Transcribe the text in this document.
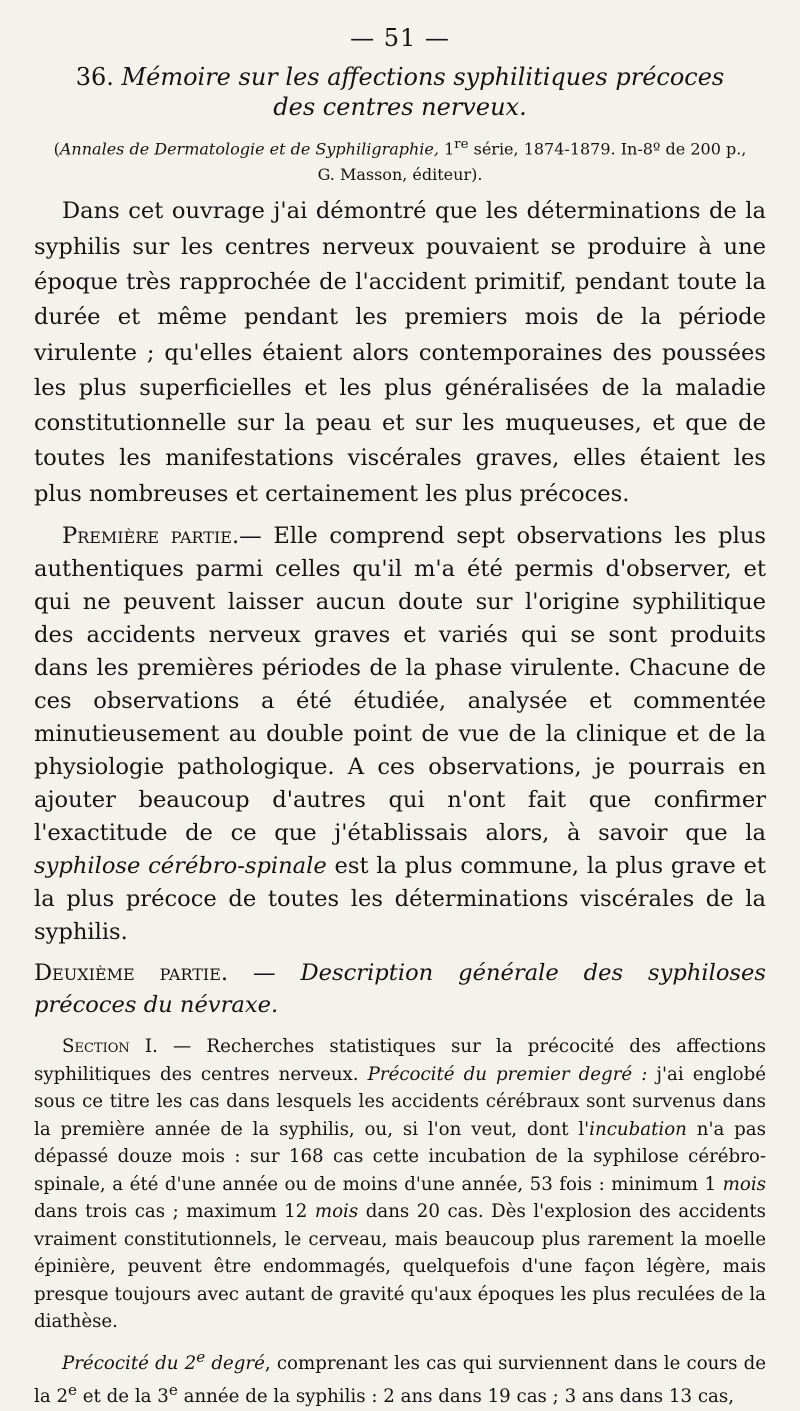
— 51 —
36. Mémoire sur les affections syphilitiques précoces
des centres nerveux.
(Annales de Dermatologie et de Syphiligraphie, 1re série, 1874-1879. In-8º de 200 p.,
G. Masson, éditeur).

Dans cet ouvrage j'ai démontré que les déterminations de la syphilis sur les centres nerveux pouvaient se produire à une époque très rapprochée de l'accident primitif, pendant toute la durée et même pendant les premiers mois de la période virulente ; qu'elles étaient alors contemporaines des poussées les plus superficielles et les plus généralisées de la maladie constitutionnelle sur la peau et sur les muqueuses, et que de toutes les manifestations viscérales graves, elles étaient les plus nombreuses et certainement les plus précoces.

Première partie.— Elle comprend sept observations les plus authentiques parmi celles qu'il m'a été permis d'observer, et qui ne peuvent laisser aucun doute sur l'origine syphilitique des accidents nerveux graves et variés qui se sont produits dans les premières périodes de la phase virulente. Chacune de ces observations a été étudiée, analysée et commentée minutieusement au double point de vue de la clinique et de la physiologie pathologique. A ces observations, je pourrais en ajouter beaucoup d'autres qui n'ont fait que confirmer l'exactitude de ce que j'établissais alors, à savoir que la syphilose cérébro-spinale est la plus commune, la plus grave et la plus précoce de toutes les déterminations viscérales de la syphilis.

Deuxième partie. — Description générale des syphiloses précoces du névraxe.

Section I. — Recherches statistiques sur la précocité des affections syphilitiques des centres nerveux. Précocité du premier degré : j'ai englobé sous ce titre les cas dans lesquels les accidents cérébraux sont survenus dans la première année de la syphilis, ou, si l'on veut, dont l'incubation n'a pas dépassé douze mois : sur 168 cas cette incubation de la syphilose cérébro-spinale, a été d'une année ou de moins d'une année, 53 fois : minimum 1 mois dans trois cas ; maximum 12 mois dans 20 cas. Dès l'explosion des accidents vraiment constitutionnels, le cerveau, mais beaucoup plus rarement la moelle épinière, peuvent être endommagés, quelquefois d'une façon légère, mais presque toujours avec autant de gravité qu'aux époques les plus reculées de la diathèse.

Précocité du 2e degré, comprenant les cas qui surviennent dans le cours de la 2e et de la 3e année de la syphilis : 2 ans dans 19 cas ; 3 ans dans 13 cas,
